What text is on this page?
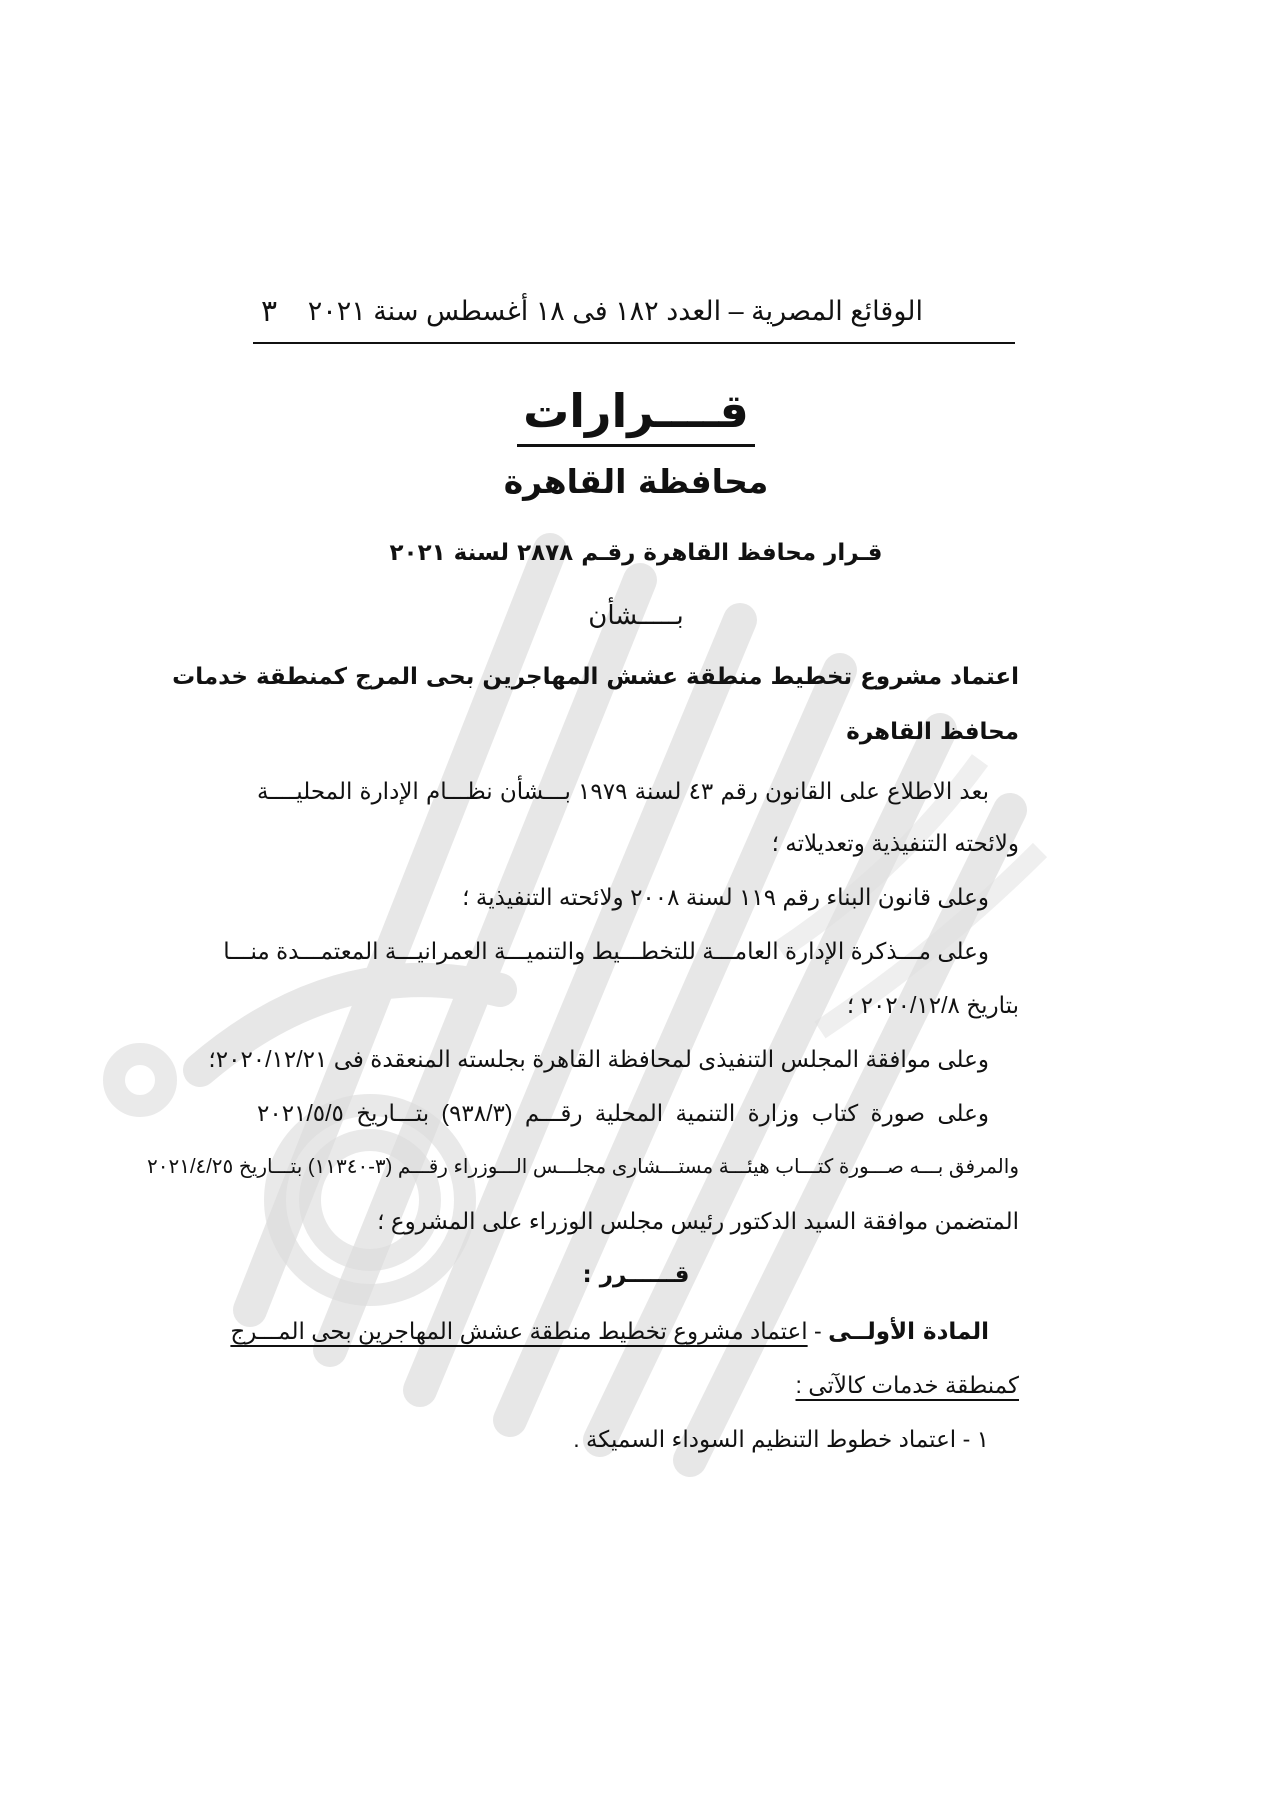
الوقائع المصرية – العدد ١٨٢ فى ١٨ أغسطس سنة ٢٠٢١
٣
قــــرارات
محافظة القاهرة
قـرار محافظ القاهرة رقـم ٢٨٧٨ لسنة ٢٠٢١
بـــــشأن
اعتماد مشروع تخطيط منطقة عشش المهاجرين بحى المرج كمنطقة خدمات
محافظ القاهرة
بعد الاطلاع على القانون رقم ٤٣ لسنة ١٩٧٩ بـــشأن نظـــام الإدارة المحليــــة
ولائحته التنفيذية وتعديلاته ؛
وعلى قانون البناء رقم ١١٩ لسنة ٢٠٠٨ ولائحته التنفيذية ؛
وعلى مـــذكرة الإدارة العامـــة للتخطـــيط والتنميـــة العمرانيـــة المعتمـــدة منـــا
بتاريخ ٢٠٢٠/١٢/٨ ؛
وعلى موافقة المجلس التنفيذى لمحافظة القاهرة بجلسته المنعقدة فى ٢٠٢٠/١٢/٢١؛
وعلى صورة كتاب وزارة التنمية المحلية رقـــم (٩٣٨/٣) بتـــاريخ ٢٠٢١/٥/٥
والمرفق بـــه صـــورة كتـــاب هيئـــة مستـــشارى مجلـــس الـــوزراء رقـــم (٣-١١٣٤٠) بتـــاريخ ٢٠٢١/٤/٢٥
المتضمن موافقة السيد الدكتور رئيس مجلس الوزراء على المشروع ؛
قــــــرر :
المادة الأولــى - اعتماد مشروع تخطيط منطقة عشش المهاجرين بحى المـــرج
كمنطقة خدمات كالآتى :
١ - اعتماد خطوط التنظيم السوداء السميكة .
